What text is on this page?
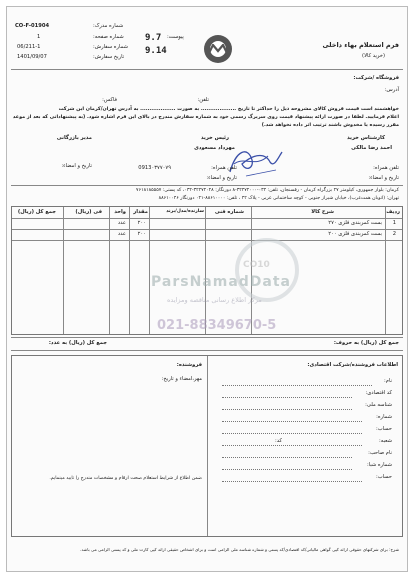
فرم استعلام بهاء داخلی
(خرید کالا)
9.7
9.14
پیوست:
شماره مدرک:
CO-F-01904
شماره صفحه:
1
شماره سفارش:
06/211-1
تاریخ سفارش:
1401/09/07
فروشگاه /شرکت:
آدرس:
تلفن:
فاکس:
خواهشمند است قیمت فروش کالای مشروحه ذیل را حداکثر تا تاریخ ................... به صورت ................... به آدرس تهران/کرمان این شرکت
اعلام فرمایید. لطفا در صورت ارائه پیشنهاد قیمت روی سربرگ رسمی خود به شماره سفارش مندرج در بالای این فرم اشاره شود. (به پیشنهاداتی که بعد از موعد
مقرر رسیده یا مخدوش باشند ترتیب اثر داده نخواهد شد.)
کارشناس خرید
احمد رضا مالکی
رئیس خرید
مهرداد مسعودی
مدیر بازرگانی
تلفن همراه:
تلفن همراه:
0913۰۳۷۷۰۷۹
تاریخ و امضاء:
تاریخ و امضاء:
تاریخ و امضاء:
کرمان: بلوار جمهوری، کیلومتر ۲۷ بزرگراه کرمان - رفسنجان، تلفن: ۰۳۴-۳۲۴۷۲۰۰۰-۸ دورنگار: ۳۲۴۷۲۰۲۸-۰۳۴، کد پستی: ۷۶۱۸۱۸۵۵۵۷
تهران: (اتوبان همت‌غرب)، خیابان شیراز جنوبی - کوچه ساختمانی غربی - پلاک ۴۲ ، تلفن: ۸۸۶۱۰۰۰۰-۰۲۱ دورنگار ۸۸۶۱۰۰۴۶
ردیف
شرح کالا
شماره فنی
سازنده/مدل/برند
مقدار
واحد
فی (ریال)
جمع کل (ریال)
1
بست کمربندی فلزی ۲۷۰
۲۰۰
عدد
2
بست کمربندی فلزی ۲۰۰
۲۰۰
عدد
CO10
ParsNamadData
مرکز اطلاع رسانی مناقصه ومزایده
021-88349670-5
جمع کل (ریال) به حروف:
جمع کل (ریال) به عدد:
اطلاعات فروشنده/شرکت اقتصادی:
نام:
کد اقتصادی:
شناسه ملی:
شماره:
حساب:
شعبه:
کد:
نام صاحب:
شماره شبا:
حساب:
فروشنده:
مهر،امضاء و تاریخ:
ضمن اطلاع از شرایط استعلام صحت ارقام و مشخصات مندرج را تایید مینمایم.
شرح: برای شرکتهای حقوقی ارائه کپی گواهی مالیاتی/کد اقتصادی/کد پستی و شماره شناسه ملی الزامی است و برای اشخاص حقیقی ارائه کپی کارت ملی و کد پستی الزامی می باشد.
